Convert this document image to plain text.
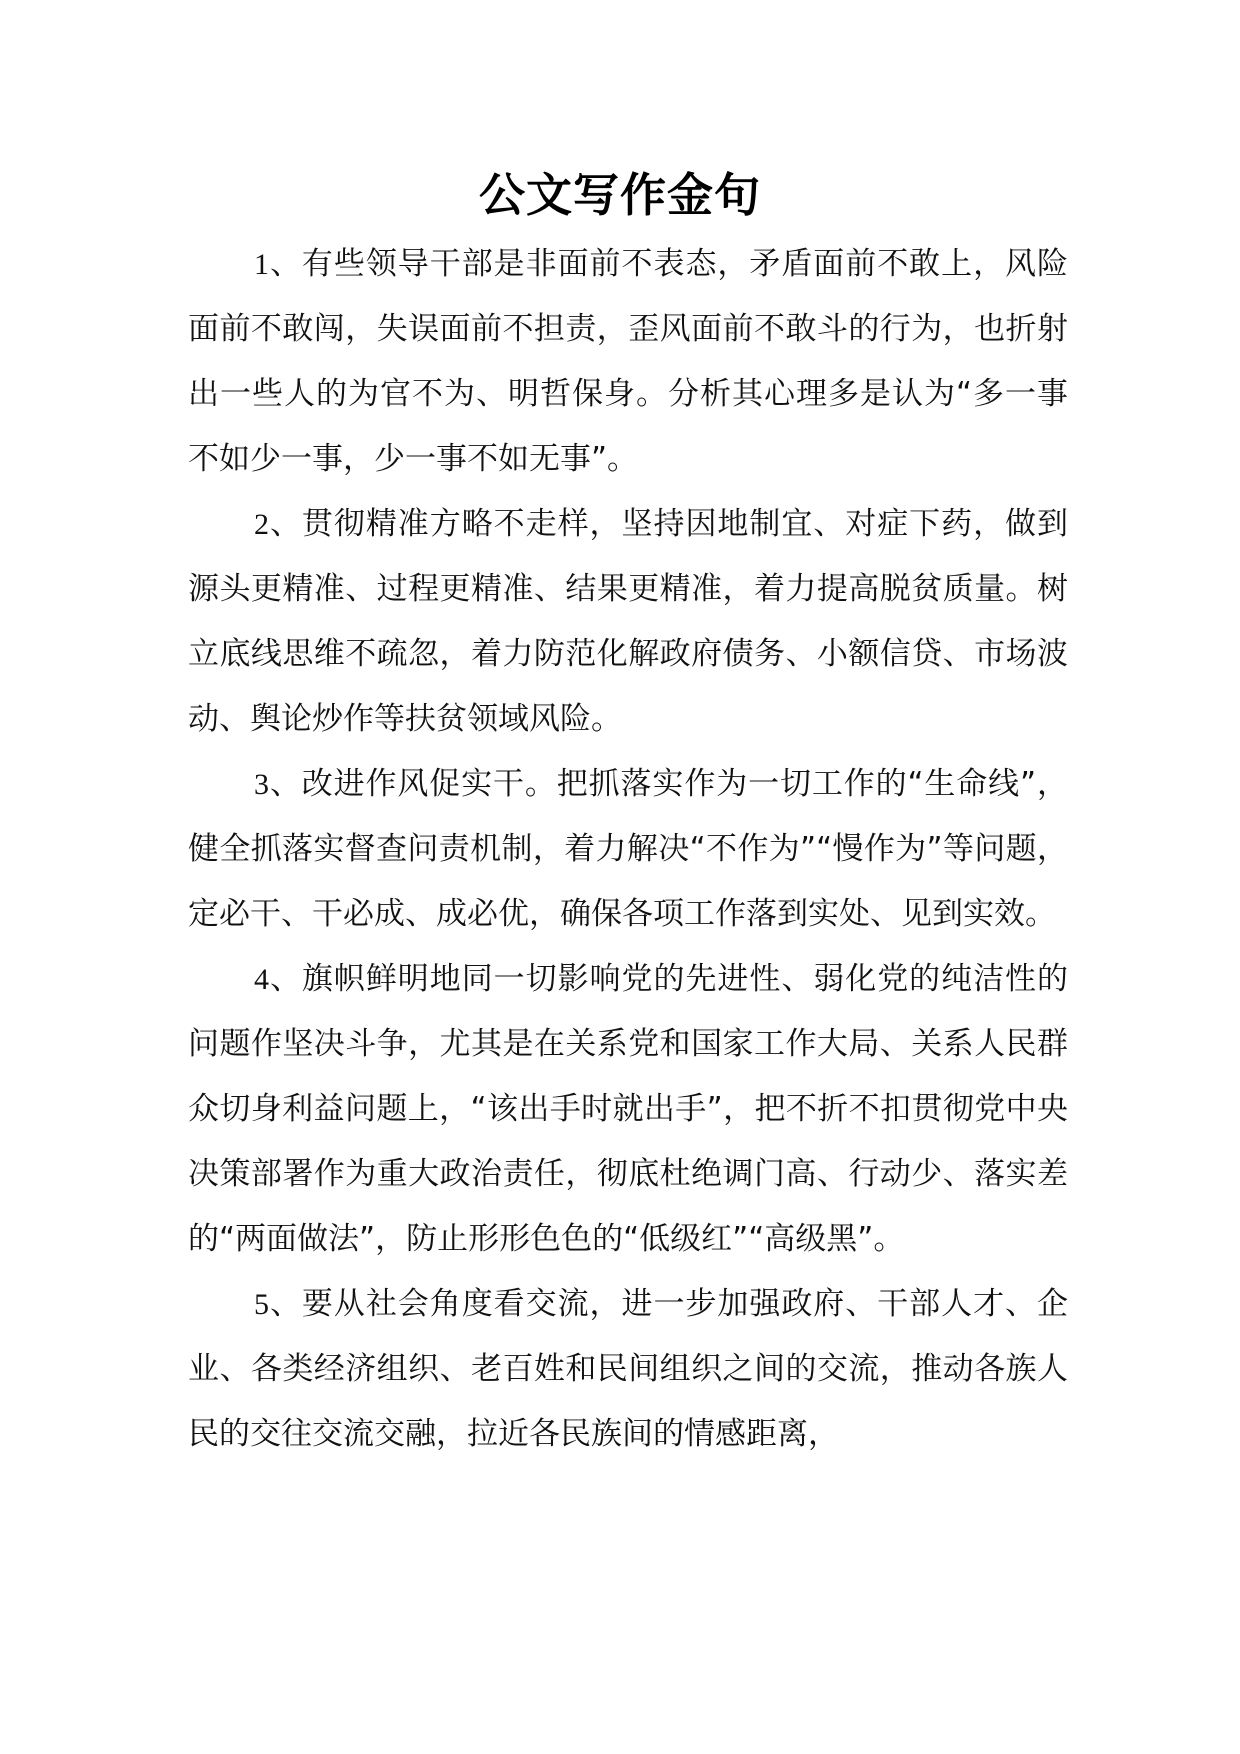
公文写作金句

1、有些领导干部是非面前不表态，矛盾面前不敢上，风险面前不敢闯，失误面前不担责，歪风面前不敢斗的行为，也折射出一些人的为官不为、明哲保身。分析其心理多是认为“多一事不如少一事，少一事不如无事”。

2、贯彻精准方略不走样，坚持因地制宜、对症下药，做到源头更精准、过程更精准、结果更精准，着力提高脱贫质量。树立底线思维不疏忽，着力防范化解政府债务、小额信贷、市场波动、舆论炒作等扶贫领域风险。

3、改进作风促实干。把抓落实作为一切工作的“生命线”，健全抓落实督查问责机制，着力解决“不作为”“慢作为”等问题，定必干、干必成、成必优，确保各项工作落到实处、见到实效。

4、旗帜鲜明地同一切影响党的先进性、弱化党的纯洁性的问题作坚决斗争，尤其是在关系党和国家工作大局、关系人民群众切身利益问题上，“该出手时就出手”，把不折不扣贯彻党中央决策部署作为重大政治责任，彻底杜绝调门高、行动少、落实差的“两面做法”，防止形形色色的“低级红”“高级黑”。

5、要从社会角度看交流，进一步加强政府、干部人才、企业、各类经济组织、老百姓和民间组织之间的交流，推动各族人民的交往交流交融，拉近各民族间的情感距离，
